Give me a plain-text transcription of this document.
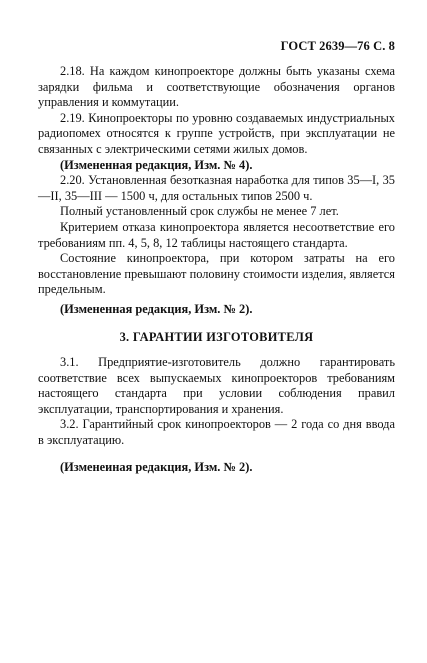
ГОСТ 2639—76 С. 8

2.18. На каждом кинопроекторе должны быть указаны схема зарядки фильма и соответствующие обозначения органов управления и коммутации.

2.19. Кинопроекторы по уровню создаваемых индустриальных радиопомех относятся к группе устройств, при эксплуатации не связанных с электрическими сетями жилых домов.

(Измененная редакция, Изм. № 4).

2.20. Установленная безотказная наработка для типов 35—I, 35—II, 35—III — 1500 ч, для остальных типов 2500 ч.

Полный установленный срок службы не менее 7 лет.

Критерием отказа кинопроектора является несоответствие его требованиям пп. 4, 5, 8, 12 таблицы настоящего стандарта.

Состояние кинопроектора, при котором затраты на его восстановление превышают половину стоимости изделия, является предельным.

(Измененная редакция, Изм. № 2).

3. ГАРАНТИИ ИЗГОТОВИТЕЛЯ

3.1. Предприятие-изготовитель должно гарантировать соответствие всех выпускаемых кинопроекторов требованиям настоящего стандарта при условии соблюдения правил эксплуатации, транспортирования и хранения.

3.2. Гарантийный срок кинопроекторов — 2 года со дня ввода в эксплуатацию.

(Изменеиная редакция, Изм. № 2).
